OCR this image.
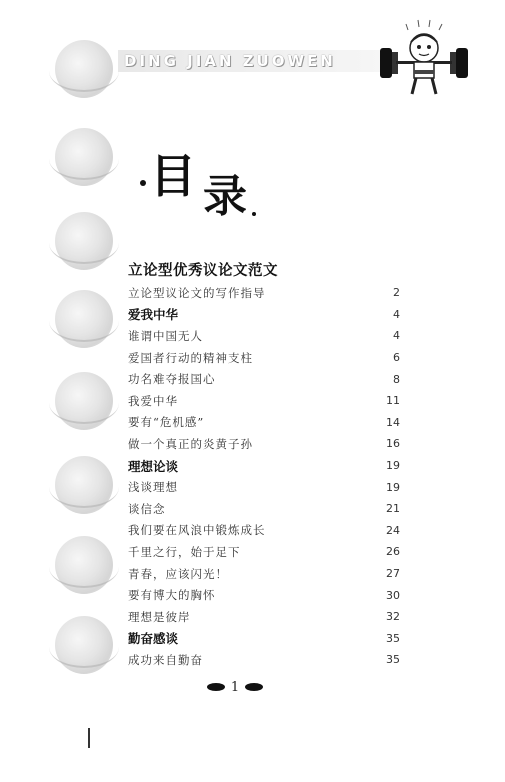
DING JIAN ZUOWEN
目 录
立论型优秀议论文范文
立论型议论文的写作指导	2
爱我中华	4
谁谓中国无人	4
爱国者行动的精神支柱	6
功名难夺报国心	8
我爱中华	11
要有“危机感”	14
做一个真正的炎黄子孙	16
理想论谈	19
浅谈理想	19
谈信念	21
我们要在风浪中锻炼成长	24
千里之行，始于足下	26
青春，应该闪光！	27
要有博大的胸怀	30
理想是彼岸	32
勤奋感谈	35
成功来自勤奋	35
1
